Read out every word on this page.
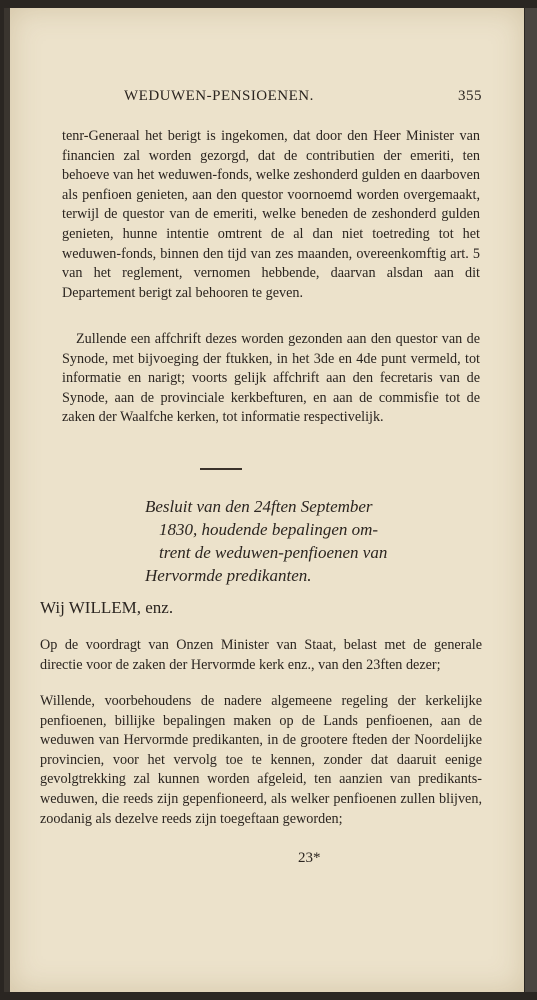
WEDUWEN-PENSIOENEN.	355
tenr-Generaal het berigt is ingekomen, dat door den Heer Minister van financien zal worden gezorgd, dat de contributien der emeriti, ten behoeve van het weduwen-fonds, welke zeshonderd gulden en daarboven als penfioen genieten, aan den questor voornoemd worden overgemaakt, terwijl de questor van de emeriti, welke beneden de zeshonderd gulden genieten, hunne intentie omtrent de al dan niet toetreding tot het weduwen-fonds, binnen den tijd van zes maanden, overeenkomftig art. 5 van het reglement, vernomen hebbende, daarvan alsdan aan dit Departement berigt zal behooren te geven.
Zullende een affchrift dezes worden gezonden aan den questor van de Synode, met bijvoeging der ftukken, in het 3de en 4de punt vermeld, tot informatie en narigt; voorts gelijk affchrift aan den fecretaris van de Synode, aan de provinciale kerkbefturen, en aan de commisfie tot de zaken der Waalfche kerken, tot informatie respectivelijk.
Besluit van den 24ften September
1830, houdende bepalingen om-
trent de weduwen-penfioenen van
Hervormde predikanten.
Wij WILLEM, enz.
Op de voordragt van Onzen Minister van Staat, belast met de generale directie voor de zaken der Hervormde kerk enz., van den 23ften dezer;
Willende, voorbehoudens de nadere algemeene regeling der kerkelijke penfioenen, billijke bepalingen maken op de Lands penfioenen, aan de weduwen van Hervormde predikanten, in de grootere fteden der Noordelijke provincien, voor het vervolg toe te kennen, zonder dat daaruit eenige gevolgtrekking zal kunnen worden afgeleid, ten aanzien van predikants-weduwen, die reeds zijn gepenfioneerd, als welker penfioenen zullen blijven, zoodanig als dezelve reeds zijn toegeftaan geworden;
23*
